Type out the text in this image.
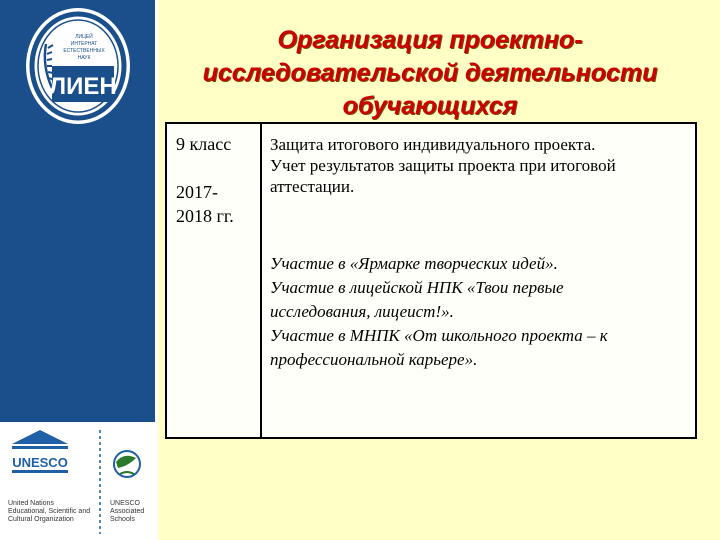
ЛИЕН
ЛИЦЕЙ
ИНТЕРНАТ
ЕСТЕСТВЕННЫХ
НАУК
UNESCO
United Nations
Educational, Scientific and
Cultural Organization
UNESCO
Associated
Schools
Организация проектно-
исследовательской деятельности
обучающихся
9 класс
2017-
2018 гг.
Защита итогового индивидуального проекта.
Учет результатов защиты проекта при итоговой
аттестации.
Участие в «Ярмарке творческих идей».
Участие в лицейской НПК «Твои первые
исследования, лицеист!».
Участие в МНПК «От школьного проекта – к
профессиональной карьере».
